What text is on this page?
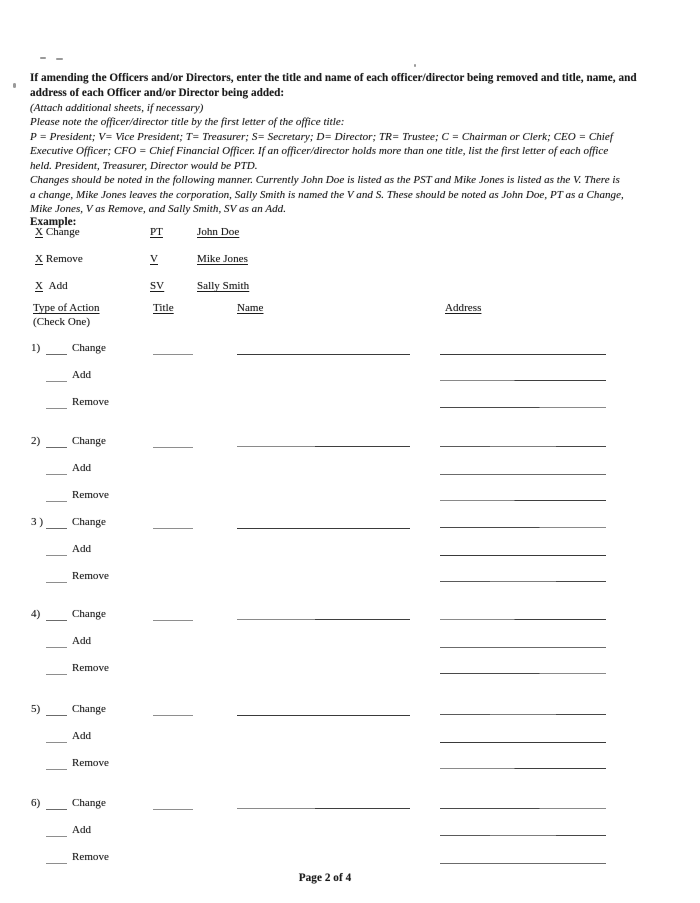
If amending the Officers and/or Directors, enter the title and name of each officer/director being removed and title, name, and
address of each Officer and/or Director being added:
(Attach additional sheets, if necessary)
Please note the officer/director title by the first letter of the office title:
P = President; V= Vice President; T= Treasurer; S= Secretary; D= Director; TR= Trustee; C = Chairman or Clerk; CEO = Chief
Executive Officer; CFO = Chief Financial Officer. If an officer/director holds more than one title, list the first letter of each office
held. President, Treasurer, Director would be PTD.
Changes should be noted in the following manner. Currently John Doe is listed as the PST and Mike Jones is listed as the V. There is
a change, Mike Jones leaves the corporation, Sally Smith is named the V and S. These should be noted as John Doe, PT as a Change,
Mike Jones, V as Remove, and Sally Smith, SV as an Add.
Example:
X Change	PT	John Doe
X Remove	V	Mike Jones
X Add	SV	Sally Smith
Type of Action
(Check One)
Title	Name	Address
1)	Change
Add
Remove
2)	Change
Add
Remove
3 )	Change
Add
Remove
4)	Change
Add
Remove
5)	Change
Add
Remove
6)	Change
Add
Remove
Page 2 of 4
